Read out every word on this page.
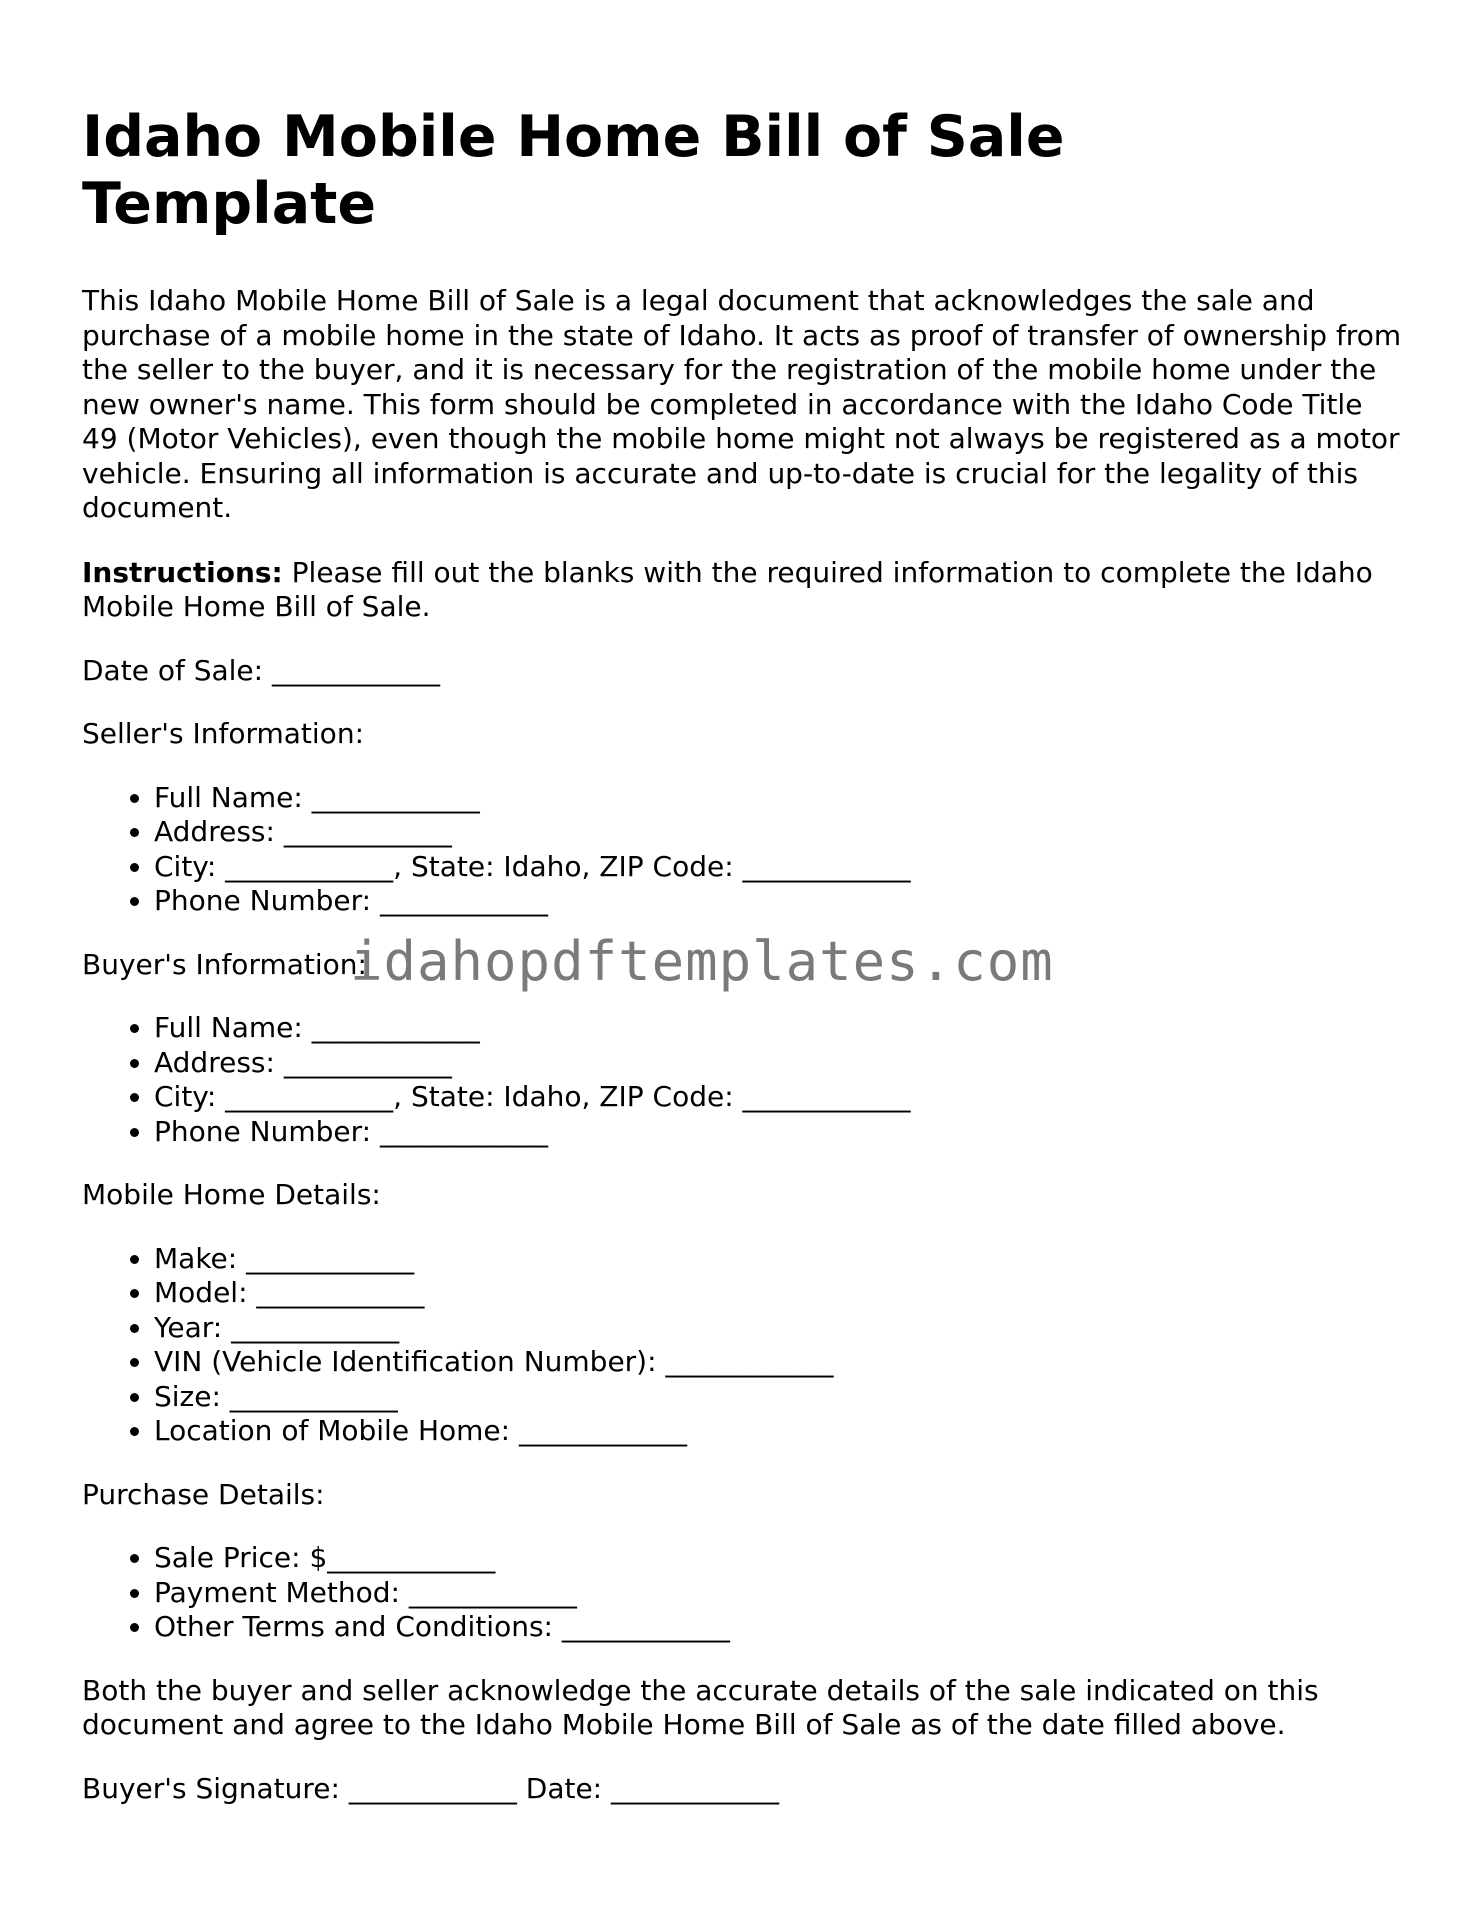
Idaho Mobile Home Bill of Sale Template

This Idaho Mobile Home Bill of Sale is a legal document that acknowledges the sale and purchase of a mobile home in the state of Idaho. It acts as proof of transfer of ownership from the seller to the buyer, and it is necessary for the registration of the mobile home under the new owner's name. This form should be completed in accordance with the Idaho Code Title 49 (Motor Vehicles), even though the mobile home might not always be registered as a motor vehicle. Ensuring all information is accurate and up-to-date is crucial for the legality of this document.

Instructions: Please fill out the blanks with the required information to complete the Idaho Mobile Home Bill of Sale.

Date of Sale: ____________

Seller's Information:

• Full Name: ____________
• Address: ____________
• City: ____________, State: Idaho, ZIP Code: ____________
• Phone Number: ____________

Buyer's Information:

• Full Name: ____________
• Address: ____________
• City: ____________, State: Idaho, ZIP Code: ____________
• Phone Number: ____________

Mobile Home Details:

• Make: ____________
• Model: ____________
• Year: ____________
• VIN (Vehicle Identification Number): ____________
• Size: ____________
• Location of Mobile Home: ____________

Purchase Details:

• Sale Price: $____________
• Payment Method: ____________
• Other Terms and Conditions: ____________

Both the buyer and seller acknowledge the accurate details of the sale indicated on this document and agree to the Idaho Mobile Home Bill of Sale as of the date filled above.

Buyer's Signature: ____________ Date: ____________

idahopdftemplates.com
